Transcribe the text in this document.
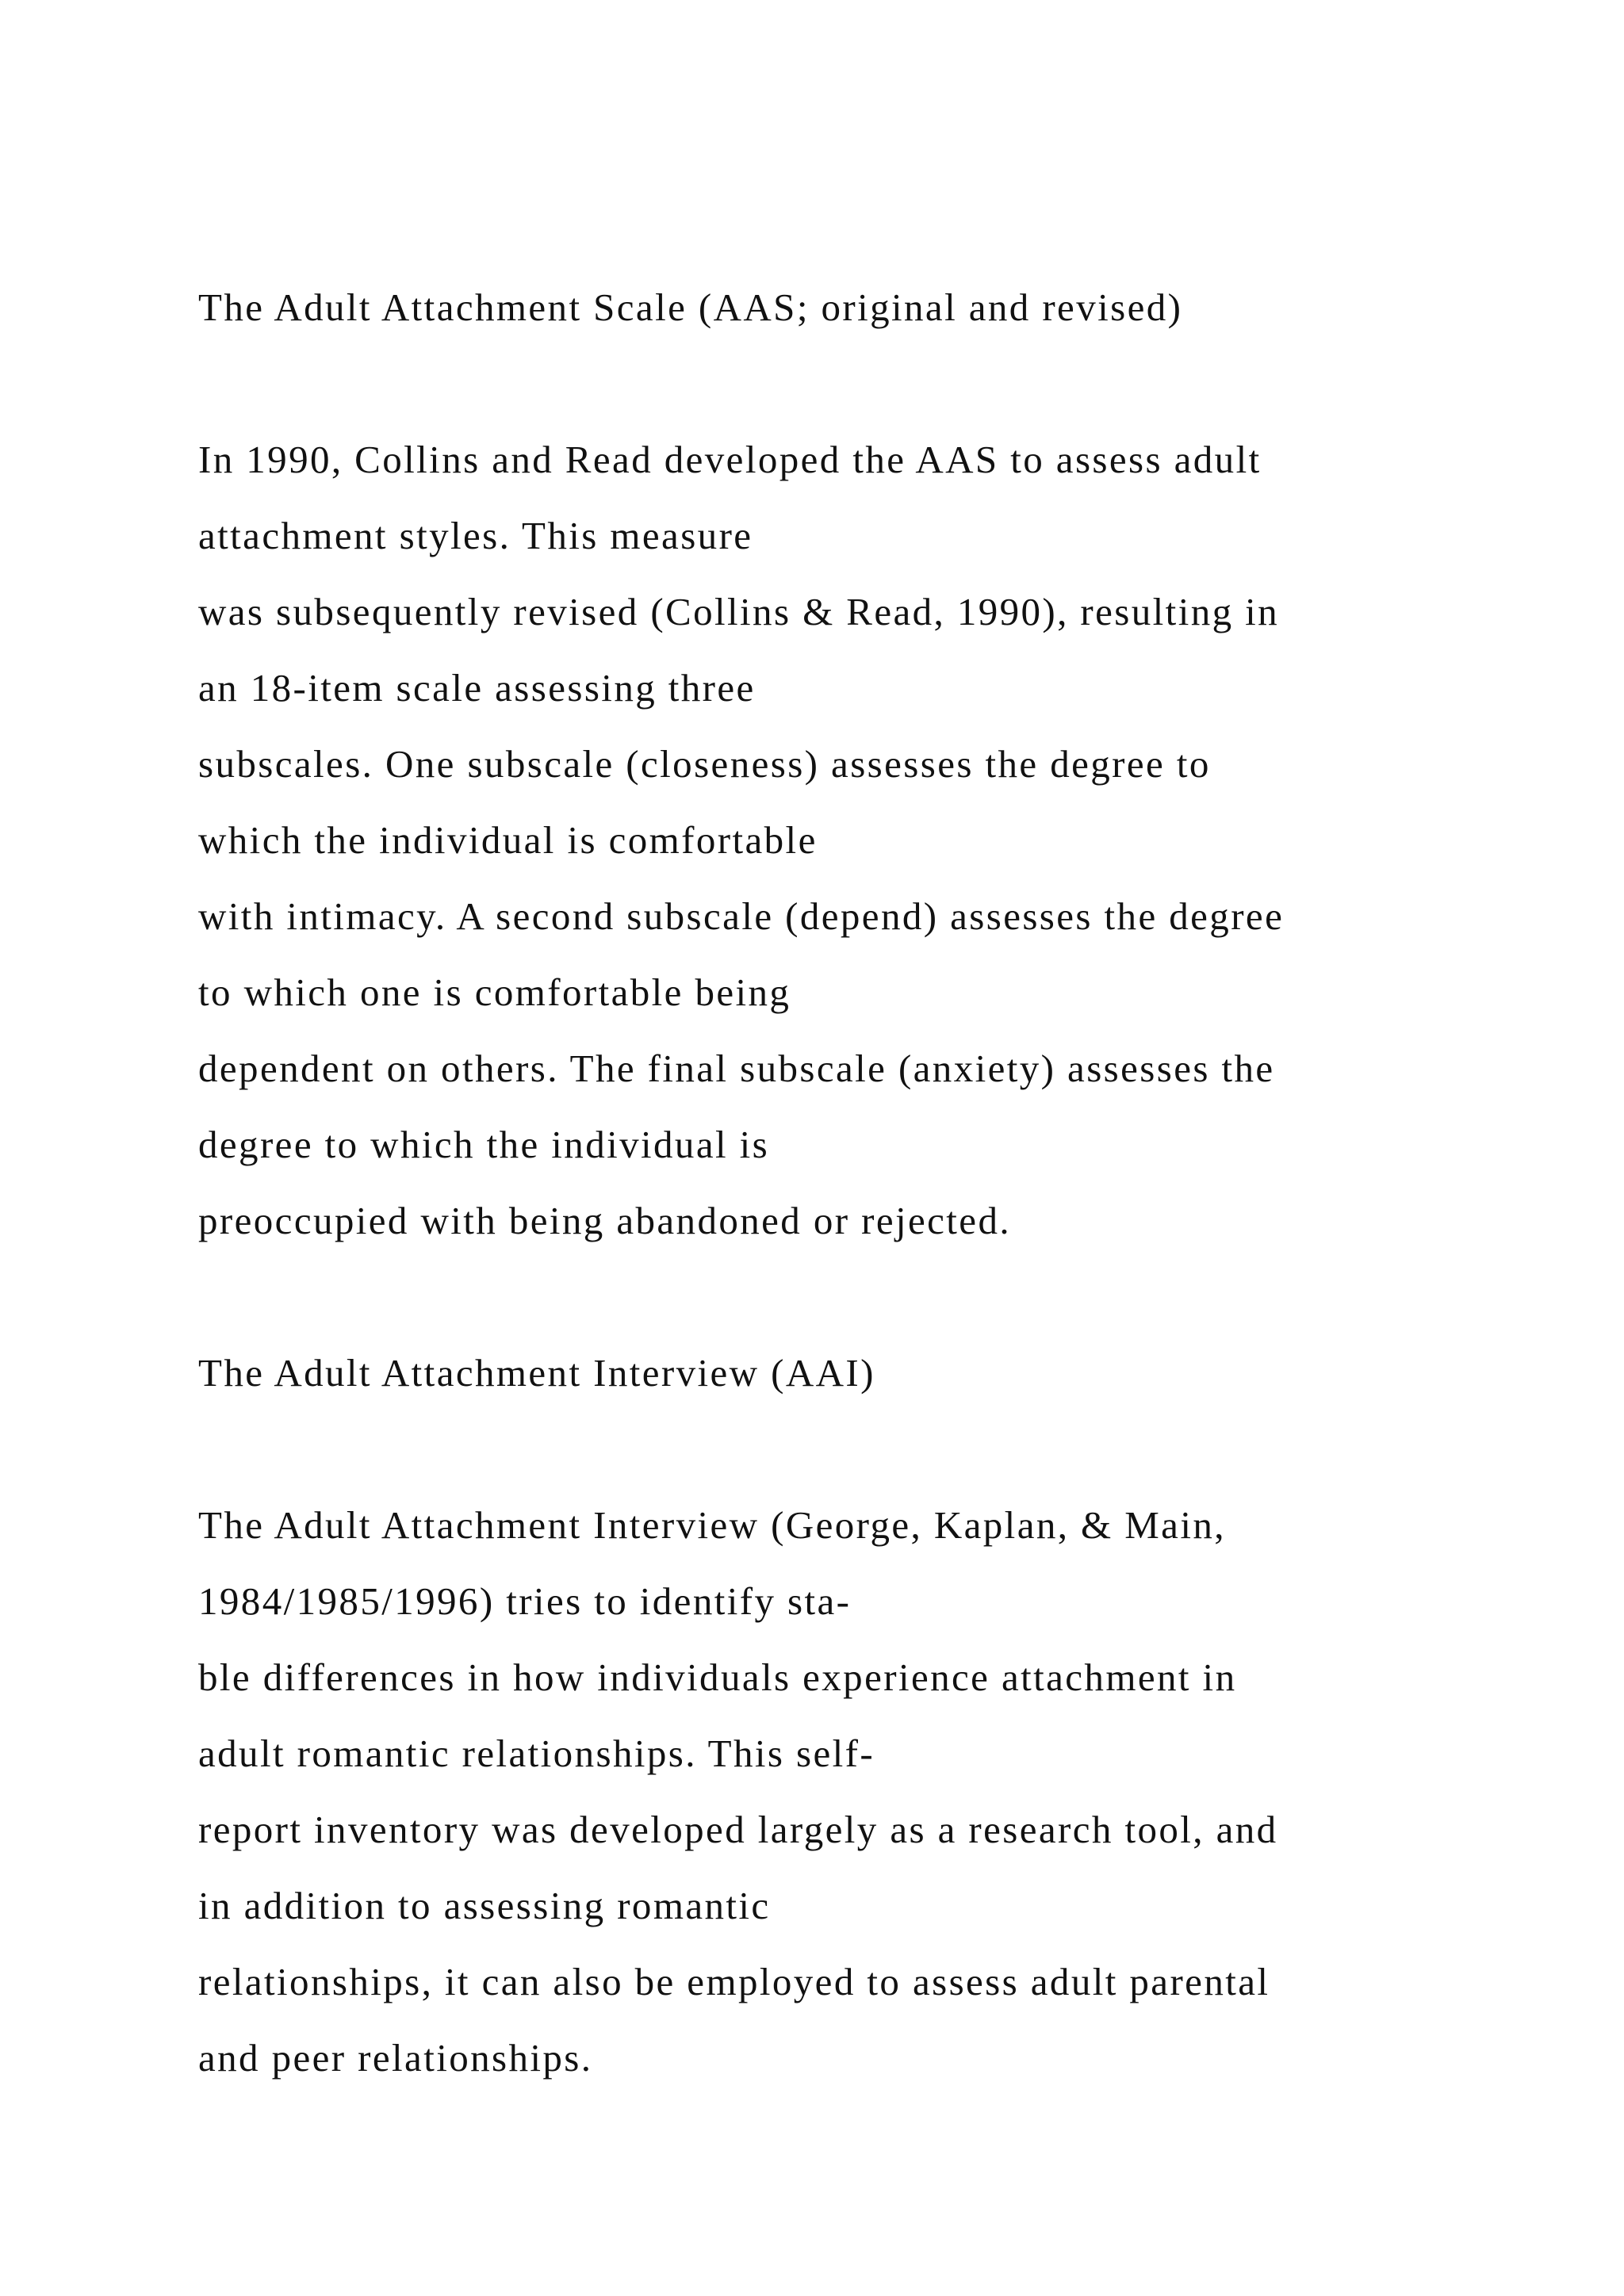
The Adult Attachment Scale (AAS; original and revised)
In 1990, Collins and Read developed the AAS to assess adult
attachment styles. This measure
was subsequently revised (Collins & Read, 1990), resulting in
an 18-item scale assessing three
subscales. One subscale (closeness) assesses the degree to
which the individual is comfortable
with intimacy. A second subscale (depend) assesses the degree
to which one is comfortable being
dependent on others. The final subscale (anxiety) assesses the
degree to which the individual is
preoccupied with being abandoned or rejected.
The Adult Attachment Interview (AAI)
The Adult Attachment Interview (George, Kaplan, & Main,
1984/1985/1996) tries to identify sta-
ble differences in how individuals experience attachment in
adult romantic relationships. This self-
report inventory was developed largely as a research tool, and
in addition to assessing romantic
relationships, it can also be employed to assess adult parental
and peer relationships.
